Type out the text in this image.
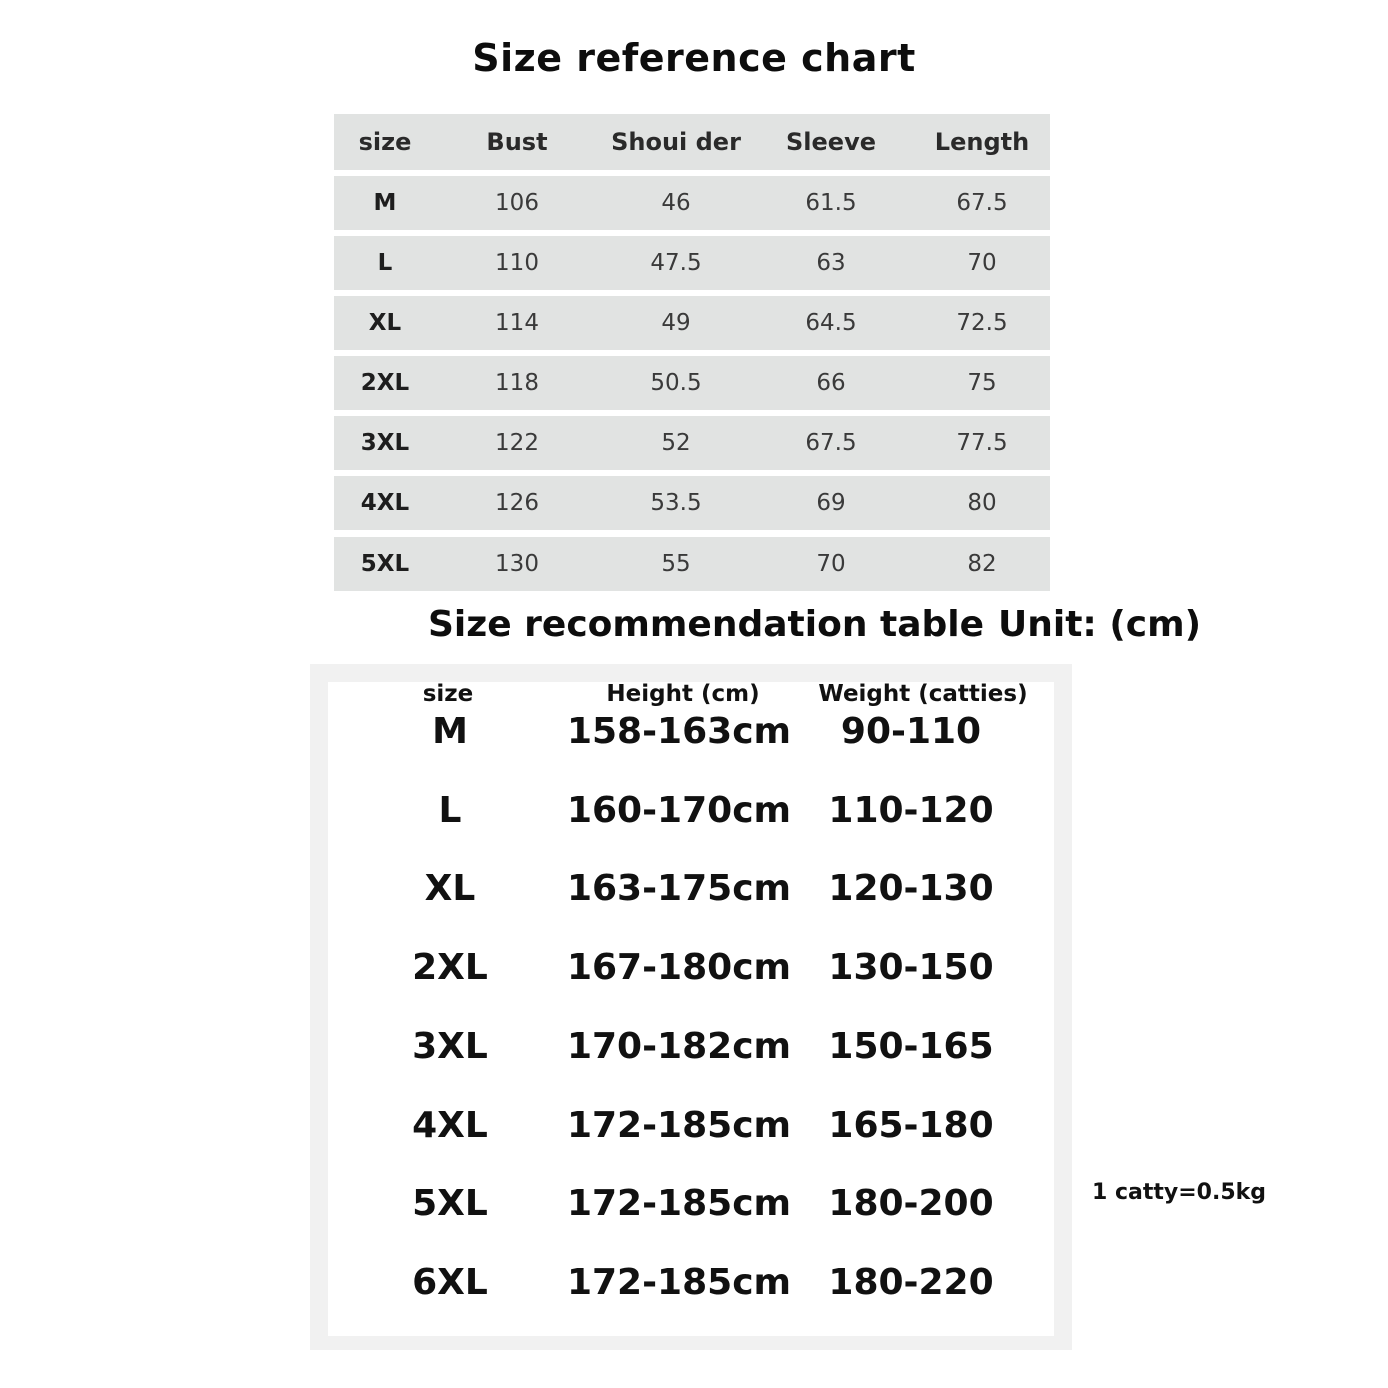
Size reference chart
size	Bust	Shoui der	Sleeve	Length
M	106	46	61.5	67.5
L	110	47.5	63	70
XL	114	49	64.5	72.5
2XL	118	50.5	66	75
3XL	122	52	67.5	77.5
4XL	126	53.5	69	80
5XL	130	55	70	82
Size recommendation table Unit: (cm)
size	Height (cm)	Weight (catties)
M	158-163cm	90-110
L	160-170cm 110-120
XL	163-175cm 120-130
2XL	167-180cm 130-150
3XL	170-182cm 150-165
4XL	172-185cm 165-180
5XL	172-185cm 180-200
6XL	172-185cm 180-220
1 catty=0.5kg
